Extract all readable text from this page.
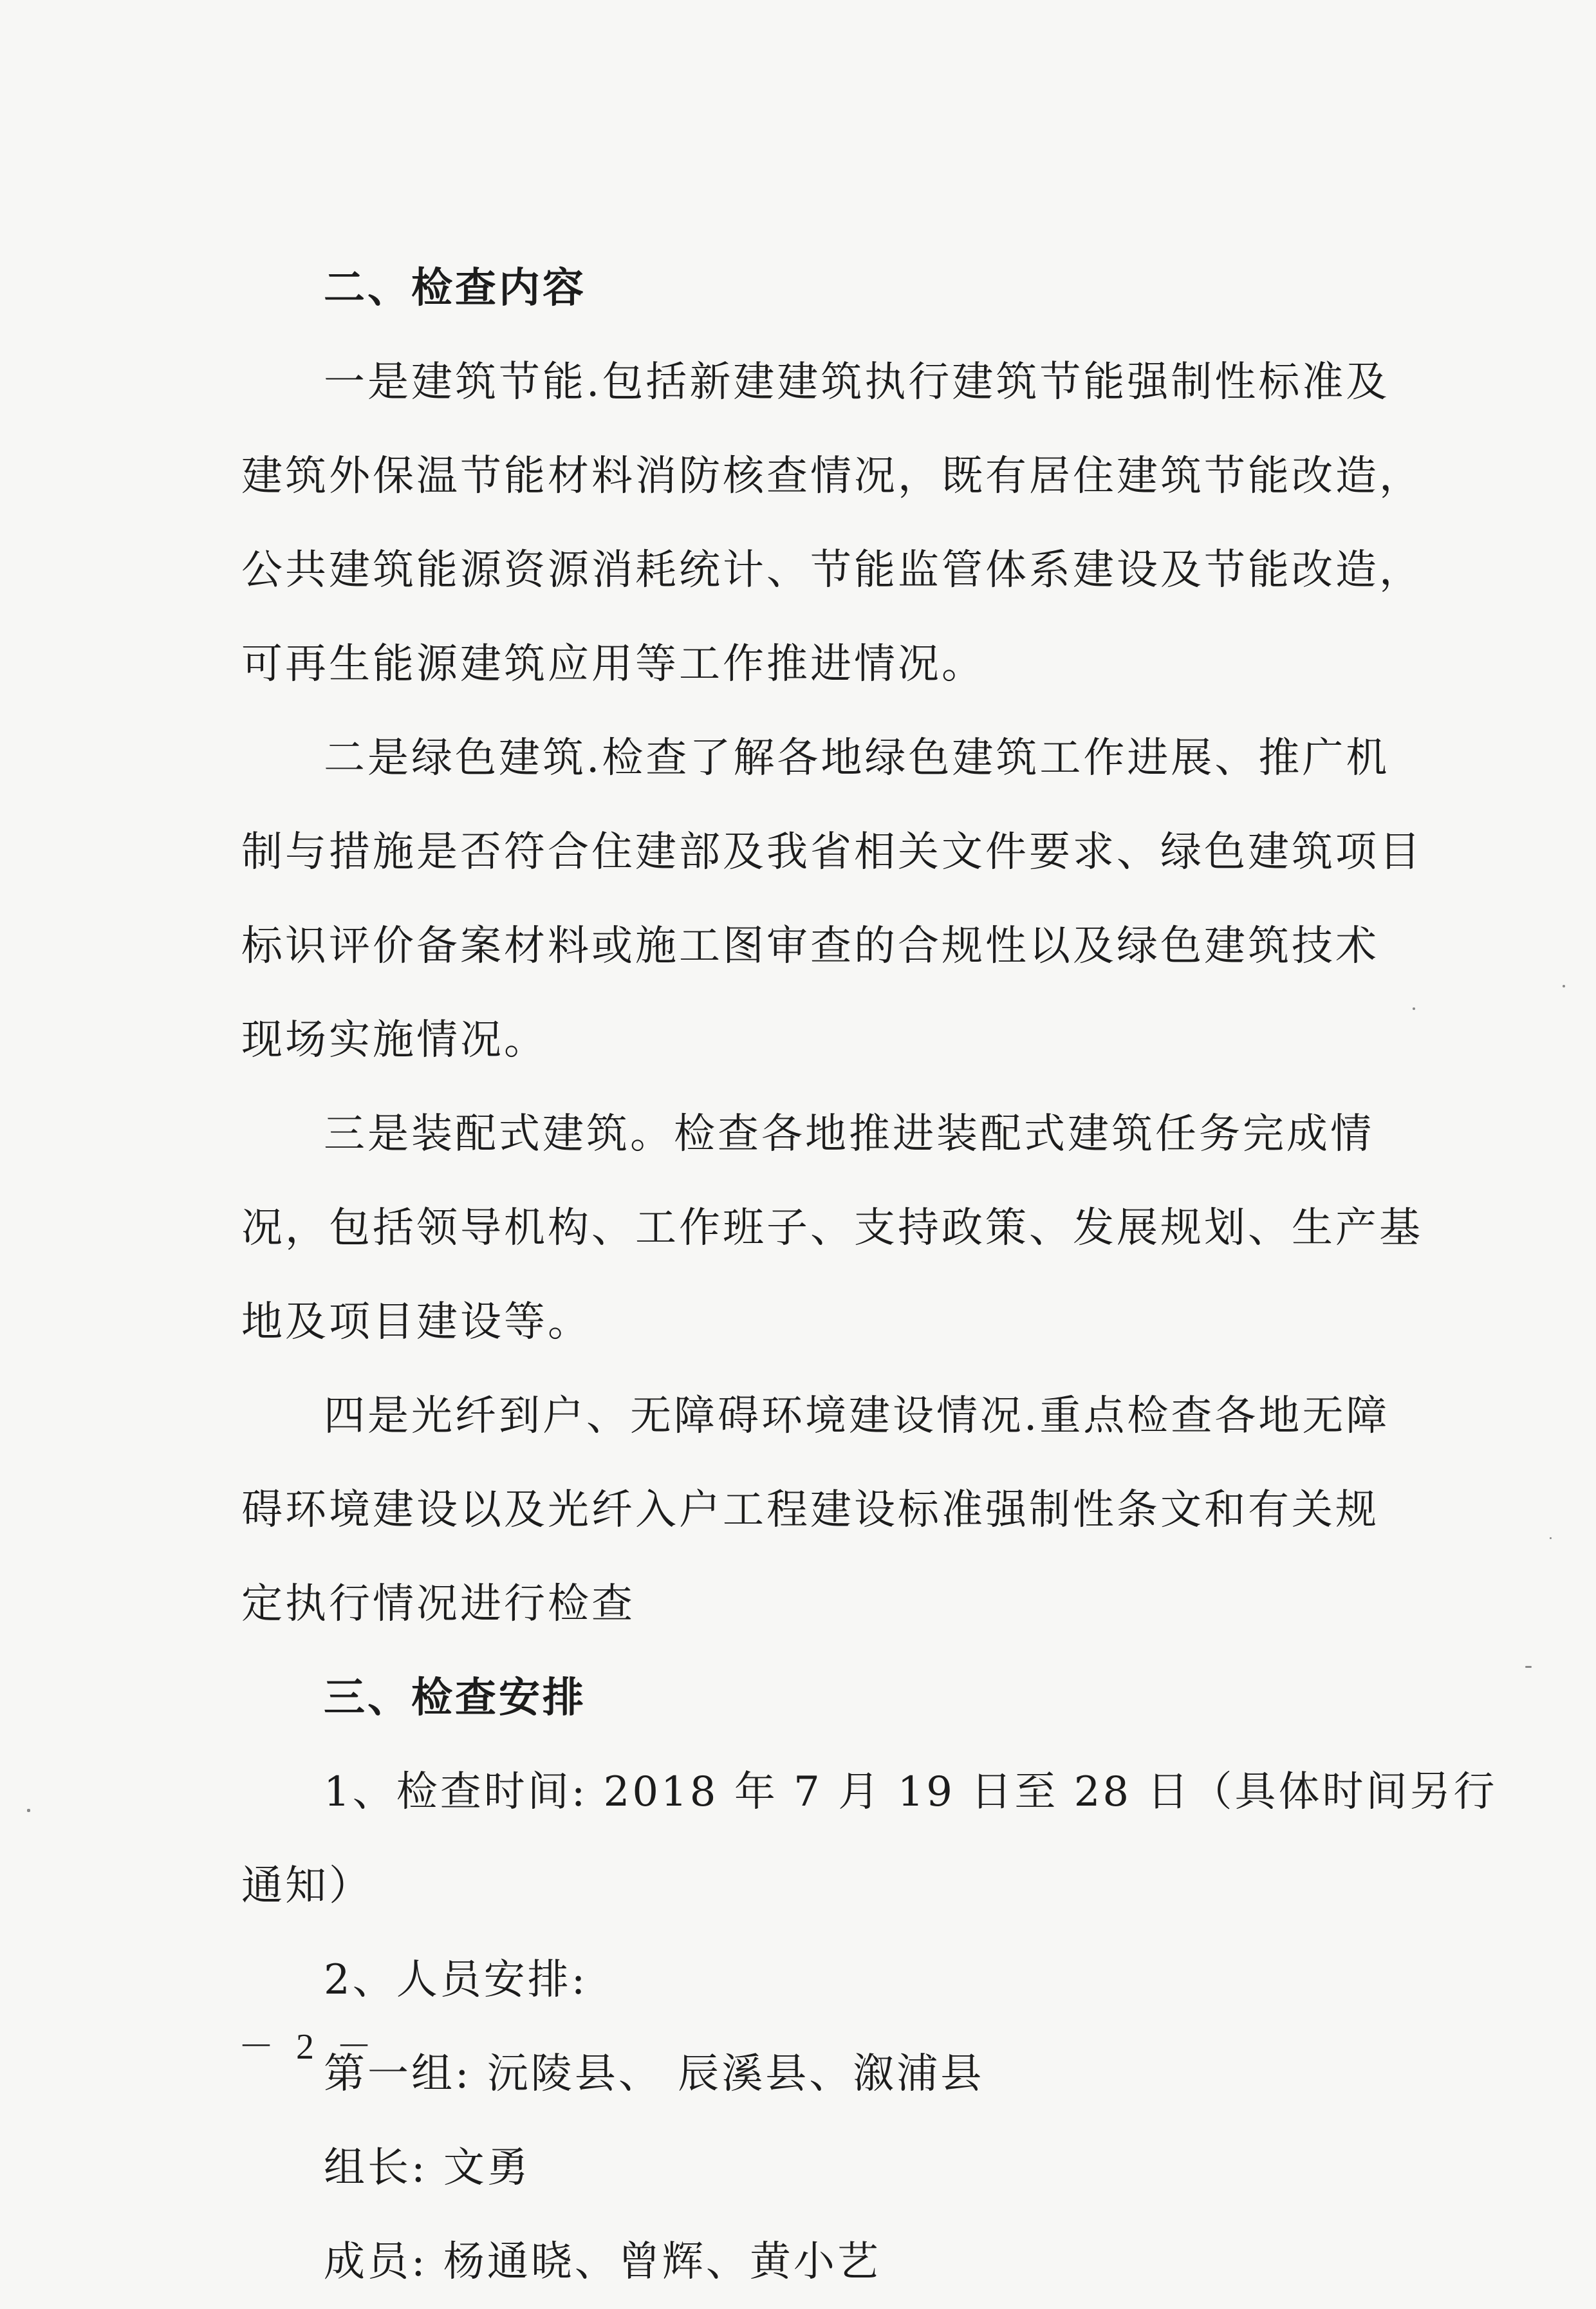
二、检查内容
一是建筑节能.包括新建建筑执行建筑节能强制性标准及
建筑外保温节能材料消防核查情况，既有居住建筑节能改造，
公共建筑能源资源消耗统计、节能监管体系建设及节能改造，
可再生能源建筑应用等工作推进情况。
二是绿色建筑.检查了解各地绿色建筑工作进展、推广机
制与措施是否符合住建部及我省相关文件要求、绿色建筑项目
标识评价备案材料或施工图审查的合规性以及绿色建筑技术
现场实施情况。
三是装配式建筑。检查各地推进装配式建筑任务完成情
况，包括领导机构、工作班子、支持政策、发展规划、生产基
地及项目建设等。
四是光纤到户、无障碍环境建设情况.重点检查各地无障
碍环境建设以及光纤入户工程建设标准强制性条文和有关规
定执行情况进行检查
三、检查安排
1、检查时间: 2018 年 7 月 19 日至 28 日（具体时间另行
通知）
2、人员安排:
第一组: 沅陵县、 辰溪县、溆浦县
组长: 文勇
成员: 杨通晓、曾辉、黄小艺
－ 2 －
